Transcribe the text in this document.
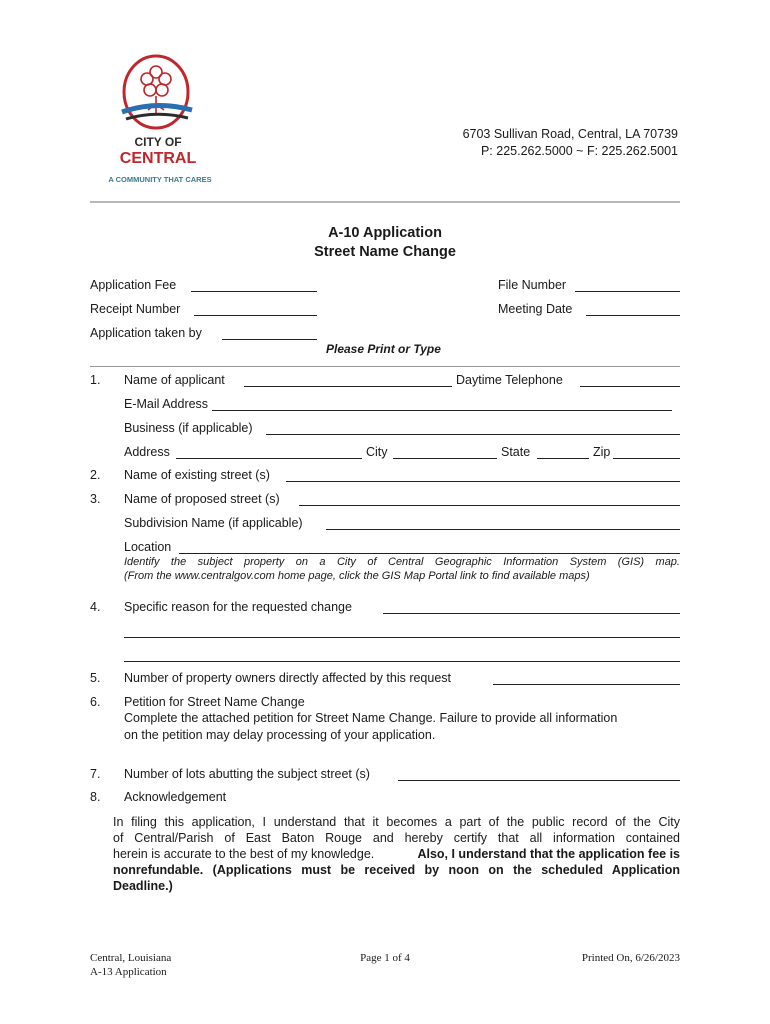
CITY OF
CENTRAL
A COMMUNITY THAT CARES
6703 Sullivan Road, Central, LA 70739
P: 225.262.5000 ~ F: 225.262.5001
A-10 Application
Street Name Change
Application Fee	File Number
Receipt Number	Meeting Date
Application taken by
Please Print or Type
1. Name of applicant	Daytime Telephone
E-Mail Address
Business (if applicable)
Address	City	State	Zip
2. Name of existing street (s)
3. Name of proposed street (s)
Subdivision Name (if applicable)
Location
Identify the subject property on a City of Central Geographic Information System (GIS) map.
(From the www.centralgov.com home page, click the GIS Map Portal link to find available maps)
4. Specific reason for the requested change
5. Number of property owners directly affected by this request
6. Petition for Street Name Change
Complete the attached petition for Street Name Change. Failure to provide all information
on the petition may delay processing of your application.
7. Number of lots abutting the subject street (s)
8. Acknowledgement
In filing this application, I understand that it becomes a part of the public record of the City
of Central/Parish of East Baton Rouge and hereby certify that all information contained
herein is accurate to the best of my knowledge.	Also, I understand that the application fee is
nonrefundable. (Applications must be received by noon on the scheduled Application
Deadline.)
Central, Louisiana
A-13 Application
Page 1 of 4	Printed On, 6/26/2023
